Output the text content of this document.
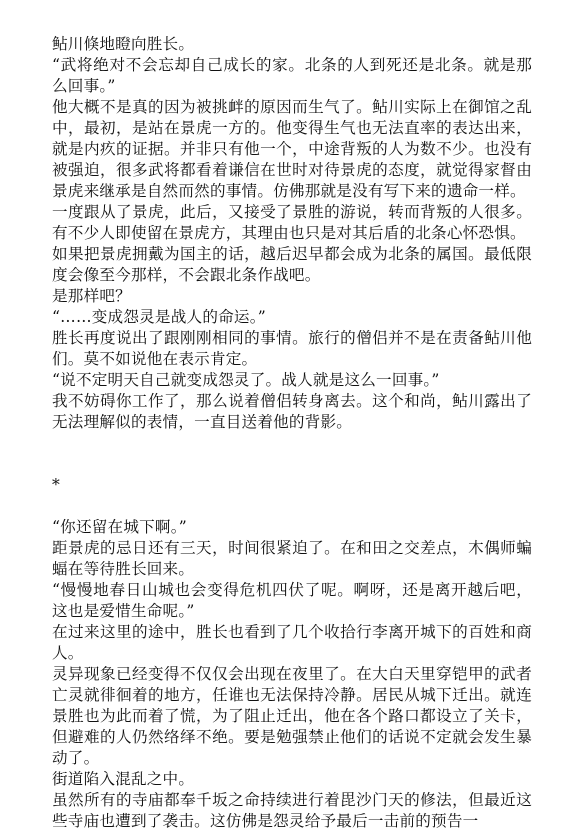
鲇川倏地瞪向胜长。

“武将绝对不会忘却自己成长的家。北条的人到死还是北条。就是那么回事。”

他大概不是真的因为被挑衅的原因而生气了。鲇川实际上在御馆之乱中，最初，是站在景虎一方的。他变得生气也无法直率的表达出来，就是内疚的证据。并非只有他一个，中途背叛的人为数不少。也没有被强迫，很多武将都看着谦信在世时对待景虎的态度，就觉得家督由景虎来继承是自然而然的事情。仿佛那就是没有写下来的遗命一样。

一度跟从了景虎，此后，又接受了景胜的游说，转而背叛的人很多。有不少人即使留在景虎方，其理由也只是对其后盾的北条心怀恐惧。

如果把景虎拥戴为国主的话，越后迟早都会成为北条的属国。最低限度会像至今那样，不会跟北条作战吧。

是那样吧？

“……变成怨灵是战人的命运。”

胜长再度说出了跟刚刚相同的事情。旅行的僧侣并不是在责备鲇川他们。莫不如说他在表示肯定。

“说不定明天自己就变成怨灵了。战人就是这么一回事。”

我不妨碍你工作了，那么说着僧侣转身离去。这个和尚，鲇川露出了无法理解似的表情，一直目送着他的背影。

*

“你还留在城下啊。”

距景虎的忌日还有三天，时间很紧迫了。在和田之交差点，木偶师蝙蝠在等待胜长回来。

“慢慢地春日山城也会变得危机四伏了呢。啊呀，还是离开越后吧，这也是爱惜生命呢。”

在过来这里的途中，胜长也看到了几个收拾行李离开城下的百姓和商人。

灵异现象已经变得不仅仅会出现在夜里了。在大白天里穿铠甲的武者亡灵就徘徊着的地方，任谁也无法保持冷静。居民从城下迁出。就连景胜也为此而着了慌，为了阻止迁出，他在各个路口都设立了关卡，但避难的人仍然络绎不绝。要是勉强禁止他们的话说不定就会发生暴动了。

街道陷入混乱之中。

虽然所有的寺庙都奉千坂之命持续进行着毘沙门天的修法，但最近这些寺庙也遭到了袭击。这仿佛是怨灵给予最后一击前的预告一
